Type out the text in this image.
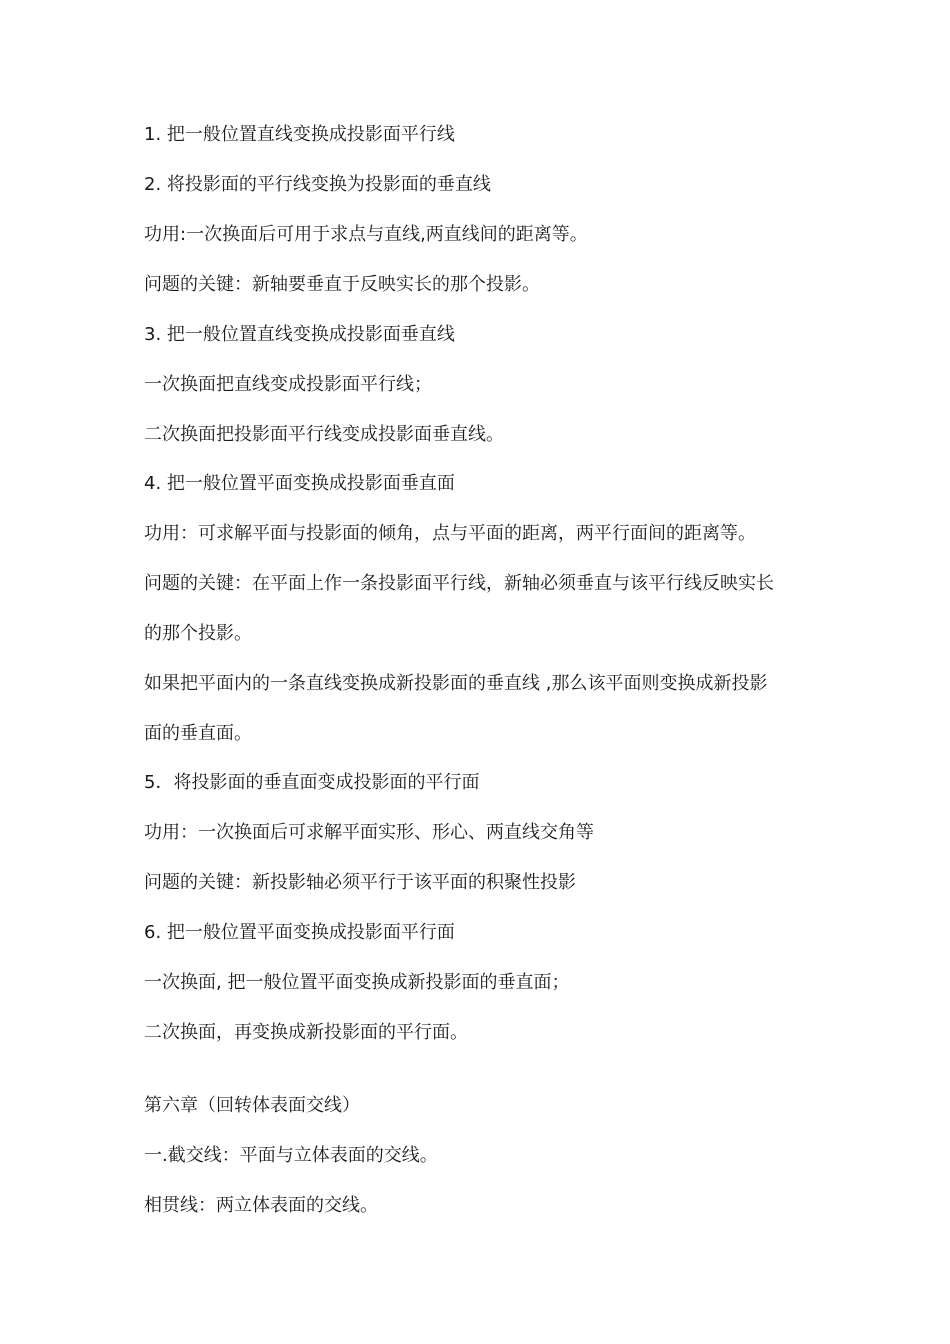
1. 把一般位置直线变换成投影面平行线
2. 将投影面的平行线变换为投影面的垂直线
功用:一次换面后可用于求点与直线,两直线间的距离等。
问题的关键：新轴要垂直于反映实长的那个投影。
3. 把一般位置直线变换成投影面垂直线
一次换面把直线变成投影面平行线；
二次换面把投影面平行线变成投影面垂直线。
4. 把一般位置平面变换成投影面垂直面
功用：可求解平面与投影面的倾角，点与平面的距离，两平行面间的距离等。
问题的关键：在平面上作一条投影面平行线，新轴必须垂直与该平行线反映实长
的那个投影。
如果把平面内的一条直线变换成新投影面的垂直线 ,那么该平面则变换成新投影
面的垂直面。
5．将投影面的垂直面变成投影面的平行面
功用：一次换面后可求解平面实形、形心、两直线交角等
问题的关键：新投影轴必须平行于该平面的积聚性投影
6. 把一般位置平面变换成投影面平行面
一次换面, 把一般位置平面变换成新投影面的垂直面；
二次换面，再变换成新投影面的平行面。
第六章（回转体表面交线）
一.截交线：平面与立体表面的交线。
相贯线：两立体表面的交线。
